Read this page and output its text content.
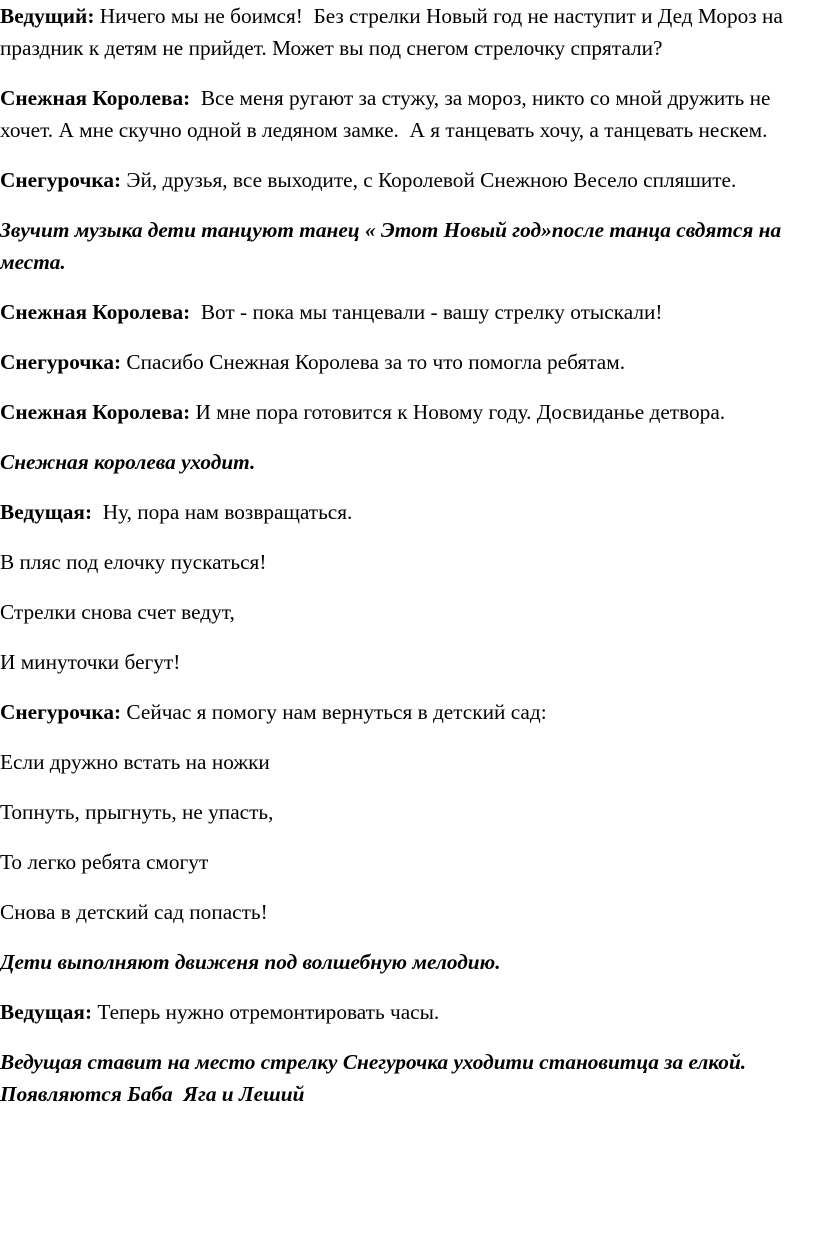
Ведущий: Ничего мы не боимся!  Без стрелки Новый год не наступит и Дед Мороз на праздник к детям не прийдет. Может вы под снегом стрелочку спрятали?

Снежная Королева:  Все меня ругают за стужу, за мороз, никто со мной дружить не хочет. А мне скучно одной в ледяном замке.  А я танцевать хочу, а танцевать нескем.

Снегурочка: Эй, друзья, все выходите, с Королевой Снежною Весело спляшите.

Звучит музыка дети танцуют танец « Этот Новый год»после танца свдятся на места.

Снежная Королева:  Вот - пока мы танцевали - вашу стрелку отыскали!

Снегурочка: Спасибо Снежная Королева за то что помогла ребятам.

Снежная Королева: И мне пора готовится к Новому году. Досвиданье детвора.

Снежная королева уходит.

Ведущая:  Ну, пора нам возвращаться.

В пляс под елочку пускаться!

Стрелки снова счет ведут,

И минуточки бегут!

Снегурочка: Сейчас я помогу нам вернуться в детский сад:

Если дружно встать на ножки

Топнуть, прыгнуть, не упасть,

То легко ребята смогут

Снова в детский сад попасть!

Дети выполняют движеня под волшебную мелодию.

Ведущая: Теперь нужно отремонтировать часы.

Ведущая ставит на место стрелку Снегурочка уходити становитца за елкой.  Появляются Баба  Яга и Леший
